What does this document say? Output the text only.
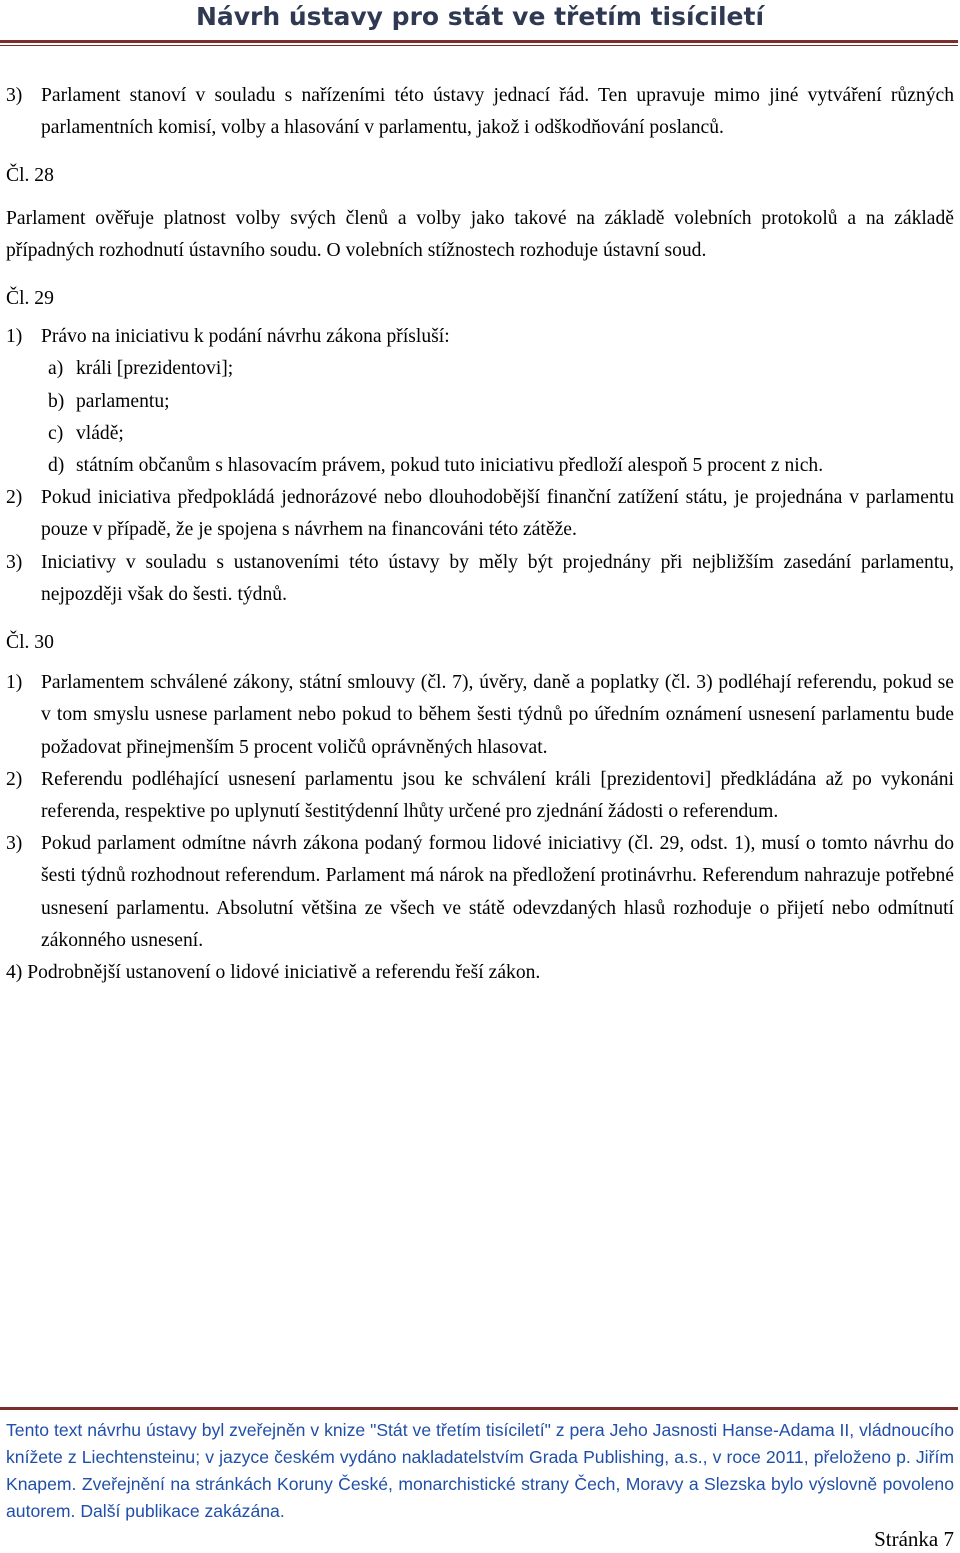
Návrh ústavy pro stát ve třetím tisíciletí
3) Parlament stanoví v souladu s nařízeními této ústavy jednací řád. Ten upravuje mimo jiné vytváření různých parlamentních komisí, volby a hlasování v parlamentu, jakož i odškodňování poslanců.

Čl. 28

Parlament ověřuje platnost volby svých členů a volby jako takové na základě volebních protokolů a na základě případných rozhodnutí ústavního soudu. O volebních stížnostech rozhoduje ústavní soud.

Čl. 29

1) Právo na iniciativu k podání návrhu zákona přísluší:
a) králi [prezidentovi];
b) parlamentu;
c) vládě;
d) státním občanům s hlasovacím právem, pokud tuto iniciativu předloží alespoň 5 procent z nich.
2) Pokud iniciativa předpokládá jednorázové nebo dlouhodobější finanční zatížení státu, je projednána v parlamentu pouze v případě, že je spojena s návrhem na financováni této zátěže.
3) Iniciativy v souladu s ustanoveními této ústavy by měly být projednány při nejbližším zasedání parlamentu, nejpozději však do šesti. týdnů.

Čl. 30

1) Parlamentem schválené zákony, státní smlouvy (čl. 7), úvěry, daně a poplatky (čl. 3) podléhají referendu, pokud se v tom smyslu usnese parlament nebo pokud to během šesti týdnů po úředním oznámení usnesení parlamentu bude požadovat přinejmenším 5 procent voličů oprávněných hlasovat.
2) Referendu podléhající usnesení parlamentu jsou ke schválení králi [prezidentovi] předkládána až po vykonáni referenda, respektive po uplynutí šestitýdenní lhůty určené pro zjednání žádosti o referendum.
3) Pokud parlament odmítne návrh zákona podaný formou lidové iniciativy (čl. 29, odst. 1), musí o tomto návrhu do šesti týdnů rozhodnout referendum. Parlament má nárok na předložení protinávrhu. Referendum nahrazuje potřebné usnesení parlamentu. Absolutní většina ze všech ve státě odevzdaných hlasů rozhoduje o přijetí nebo odmítnutí zákonného usnesení.

4) Podrobnější ustanovení o lidové iniciativě a referendu řeší zákon.

Tento text návrhu ústavy byl zveřejněn v knize "Stát ve třetím tisíciletí" z pera Jeho Jasnosti Hanse-Adama II, vládnoucího knížete z Liechtensteinu; v jazyce českém vydáno nakladatelstvím Grada Publishing, a.s., v roce 2011, přeloženo p. Jiřím Knapem. Zveřejnění na stránkách Koruny České, monarchistické strany Čech, Moravy a Slezska bylo výslovně povoleno autorem. Další publikace zakázána.
Stránka 7
